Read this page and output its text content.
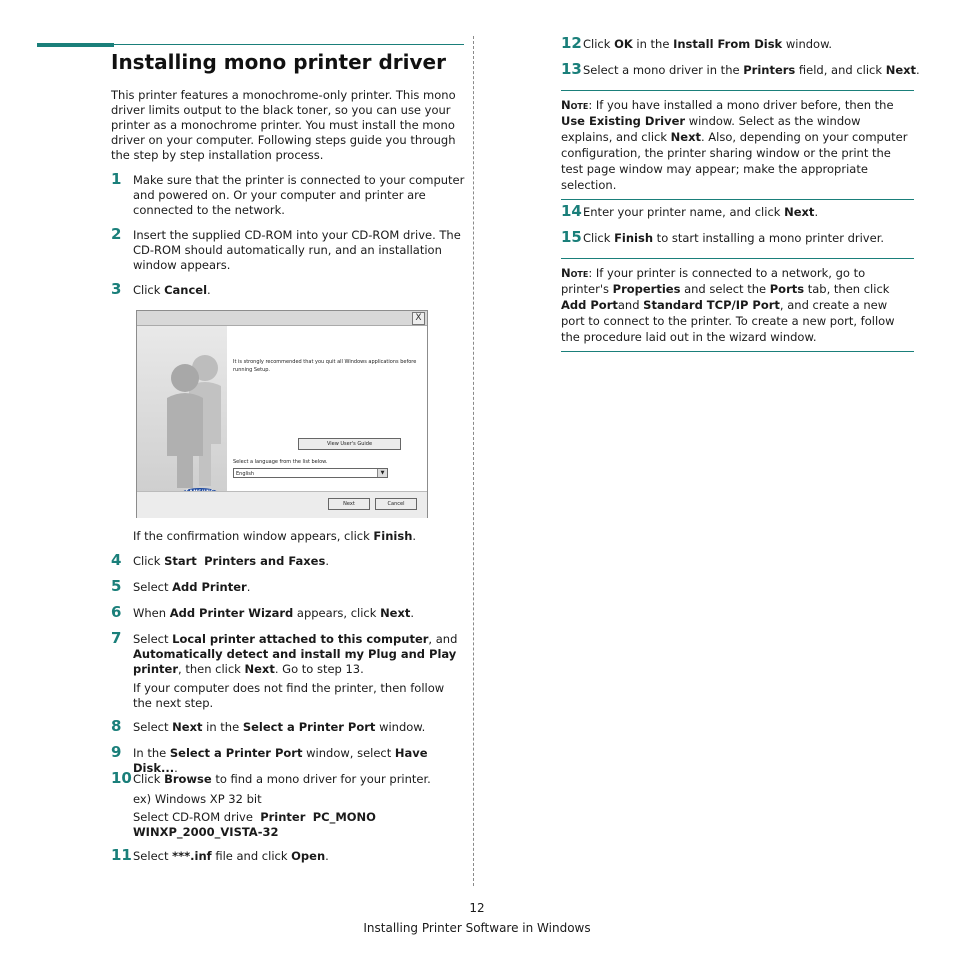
Installing mono printer driver
This printer features a monochrome-only printer. This mono driver limits output to the black toner, so you can use your printer as a monochrome printer. You must install the mono driver on your computer. Following steps guide you through the step by step installation process.
1 Make sure that the printer is connected to your computer and powered on. Or your computer and printer are connected to the network.
2 Insert the supplied CD-ROM into your CD-ROM drive. The CD-ROM should automatically run, and an installation window appears.
3 Click Cancel.
X
It is strongly recommended that you quit all Windows applications before running Setup.
View User's Guide
Select a language from the list below.
English	▼
Next	Cancel
If the confirmation window appears, click Finish.
4 Click Start Printers and Faxes.
5 Select Add Printer.
6 When Add Printer Wizard appears, click Next.
7 Select Local printer attached to this computer, and Automatically detect and install my Plug and Play printer, then click Next. Go to step 13.
If your computer does not find the printer, then follow the next step.
8 Select Next in the Select a Printer Port window.
9 In the Select a Printer Port window, select Have Disk....
10 Click Browse to find a mono driver for your printer.
ex) Windows XP 32 bit
Select CD-ROM drive  Printer PC_MONO
WINXP_2000_VISTA-32
11 Select ***.inf file and click Open.
12 Click OK in the Install From Disk window.
13 Select a mono driver in the Printers field, and click Next.
Note: If you have installed a mono driver before, then the Use Existing Driver window. Select as the window explains, and click Next. Also, depending on your computer configuration, the printer sharing window or the print the test page window may appear; make the appropriate selection.
14 Enter your printer name, and click Next.
15 Click Finish to start installing a mono printer driver.
Note: If your printer is connected to a network, go to printer's Properties and select the Ports tab, then click Add Portand Standard TCP/IP Port, and create a new port to connect to the printer. To create a new port, follow the procedure laid out in the wizard window.
12
Installing Printer Software in Windows
